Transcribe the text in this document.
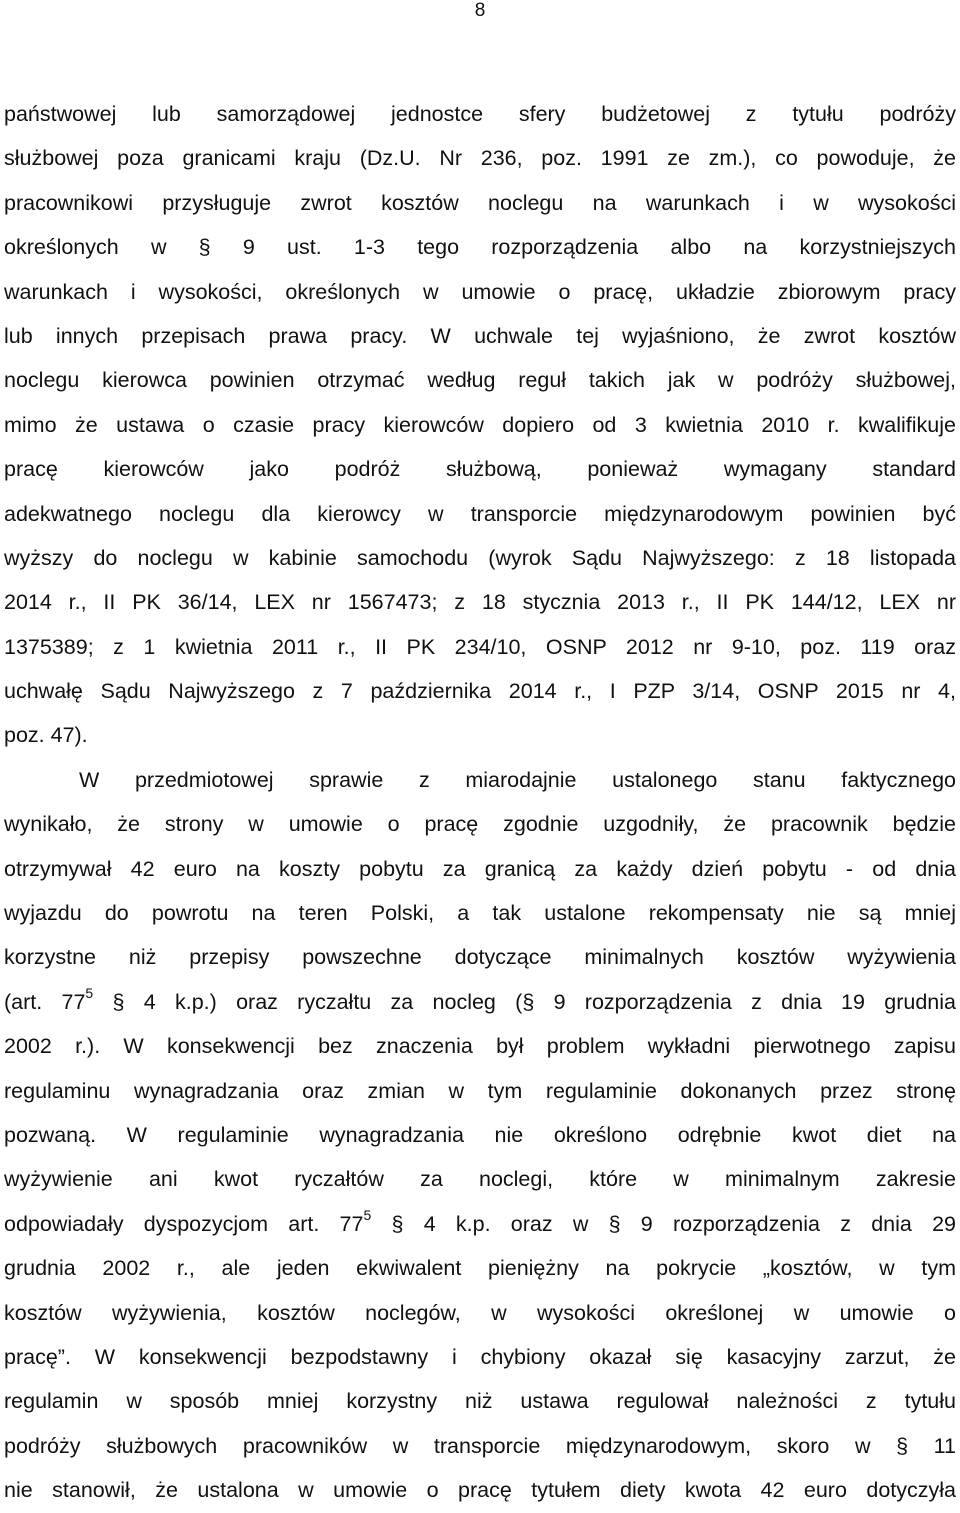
8
państwowej lub samorządowej jednostce sfery budżetowej z tytułu podróży
służbowej poza granicami kraju (Dz.U. Nr 236, poz. 1991 ze zm.), co powoduje, że
pracownikowi przysługuje zwrot kosztów noclegu na warunkach i w wysokości
określonych w § 9 ust. 1-3 tego rozporządzenia albo na korzystniejszych
warunkach i wysokości, określonych w umowie o pracę, układzie zbiorowym pracy
lub innych przepisach prawa pracy. W uchwale tej wyjaśniono, że zwrot kosztów
noclegu kierowca powinien otrzymać według reguł takich jak w podróży służbowej,
mimo że ustawa o czasie pracy kierowców dopiero od 3 kwietnia 2010 r. kwalifikuje
pracę kierowców jako podróż służbową, ponieważ wymagany standard
adekwatnego noclegu dla kierowcy w transporcie międzynarodowym powinien być
wyższy do noclegu w kabinie samochodu (wyrok Sądu Najwyższego: z 18 listopada
2014 r., II PK 36/14, LEX nr 1567473; z 18 stycznia 2013 r., II PK 144/12, LEX nr
1375389; z 1 kwietnia 2011 r., II PK 234/10, OSNP 2012 nr 9-10, poz. 119 oraz
uchwałę Sądu Najwyższego z 7 października 2014 r., I PZP 3/14, OSNP 2015 nr 4,
poz. 47).
W przedmiotowej sprawie z miarodajnie ustalonego stanu faktycznego
wynikało, że strony w umowie o pracę zgodnie uzgodniły, że pracownik będzie
otrzymywał 42 euro na koszty pobytu za granicą za każdy dzień pobytu - od dnia
wyjazdu do powrotu na teren Polski, a tak ustalone rekompensaty nie są mniej
korzystne niż przepisy powszechne dotyczące minimalnych kosztów wyżywienia
(art. $77^5$ § 4 k.p.) oraz ryczałtu za nocleg (§ 9 rozporządzenia z dnia 19 grudnia
2002 r.). W konsekwencji bez znaczenia był problem wykładni pierwotnego zapisu
regulaminu wynagradzania oraz zmian w tym regulaminie dokonanych przez stronę
pozwaną. W regulaminie wynagradzania nie określono odrębnie kwot diet na
wyżywienie ani kwot ryczałtów za noclegi, które w minimalnym zakresie
odpowiadały dyspozycjom art. $77^5$ § 4 k.p. oraz w § 9 rozporządzenia z dnia 29
grudnia 2002 r., ale jeden ekwiwalent pieniężny na pokrycie „kosztów, w tym
kosztów wyżywienia, kosztów noclegów, w wysokości określonej w umowie o
pracę”. W konsekwencji bezpodstawny i chybiony okazał się kasacyjny zarzut, że
regulamin w sposób mniej korzystny niż ustawa regulował należności z tytułu
podróży służbowych pracowników w transporcie międzynarodowym, skoro w § 11
nie stanowił, że ustalona w umowie o pracę tytułem diety kwota 42 euro dotyczyła
